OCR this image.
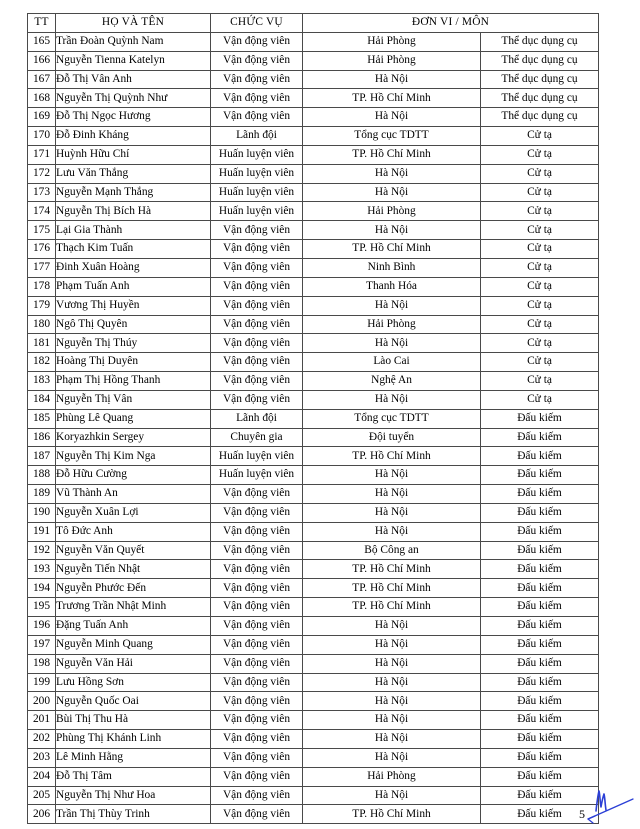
TT	HỌ VÀ TÊN	CHỨC VỤ	ĐƠN VI / MÔN	
165	Trần Đoàn Quỳnh Nam	Vận động viên	Hải Phòng	Thể dục dụng cụ
166	Nguyễn Tienna Katelyn	Vận động viên	Hải Phòng	Thể dục dụng cụ
167	Đỗ Thị Vân Anh	Vận động viên	Hà Nội	Thể dục dụng cụ
168	Nguyễn Thị Quỳnh Như	Vận động viên	TP. Hồ Chí Minh	Thể dục dụng cụ
169	Đỗ Thị Ngọc Hương	Vận động viên	Hà Nội	Thể dục dụng cụ
170	Đỗ Đinh Kháng	Lãnh đội	Tổng cục TDTT	Cử tạ
171	Huỳnh Hữu Chí	Huấn luyện viên	TP. Hồ Chí Minh	Cử tạ
172	Lưu Văn Thắng	Huấn luyện viên	Hà Nội	Cử tạ
173	Nguyễn Mạnh Thắng	Huấn luyện viên	Hà Nội	Cử tạ
174	Nguyễn Thị Bích Hà	Huấn luyện viên	Hải Phòng	Cử tạ
175	Lại Gia Thành	Vận động viên	Hà Nội	Cử tạ
176	Thạch Kim Tuấn	Vận động viên	TP. Hồ Chí Minh	Cử tạ
177	Đinh Xuân Hoàng	Vận động viên	Ninh Bình	Cử tạ
178	Phạm Tuấn Anh	Vận động viên	Thanh Hóa	Cử tạ
179	Vương Thị Huyền	Vận động viên	Hà Nội	Cử tạ
180	Ngô Thị Quyên	Vận động viên	Hải Phòng	Cử tạ
181	Nguyễn Thị Thúy	Vận động viên	Hà Nội	Cử tạ
182	Hoàng Thị Duyên	Vận động viên	Lào Cai	Cử tạ
183	Phạm Thị Hồng Thanh	Vận động viên	Nghệ An	Cử tạ
184	Nguyễn Thị Vân	Vận động viên	Hà Nội	Cử tạ
185	Phùng Lê Quang	Lãnh đội	Tổng cục TDTT	Đấu kiếm
186	Koryazhkin Sergey	Chuyên gia	Đội tuyển	Đấu kiếm
187	Nguyễn Thị Kim Nga	Huấn luyện viên	TP. Hồ Chí Minh	Đấu kiếm
188	Đỗ Hữu Cường	Huấn luyện viên	Hà Nội	Đấu kiếm
189	Vũ Thành An	Vận động viên	Hà Nội	Đấu kiếm
190	Nguyễn Xuân Lợi	Vận động viên	Hà Nội	Đấu kiếm
191	Tô Đức Anh	Vận động viên	Hà Nội	Đấu kiếm
192	Nguyễn Văn Quyết	Vận động viên	Bộ Công an	Đấu kiếm
193	Nguyễn Tiến Nhật	Vận động viên	TP. Hồ Chí Minh	Đấu kiếm
194	Nguyễn Phước Đến	Vận động viên	TP. Hồ Chí Minh	Đấu kiếm
195	Trương Trần Nhật Minh	Vận động viên	TP. Hồ Chí Minh	Đấu kiếm
196	Đặng Tuấn Anh	Vận động viên	Hà Nội	Đấu kiếm
197	Nguyễn Minh Quang	Vận động viên	Hà Nội	Đấu kiếm
198	Nguyễn Văn Hải	Vận động viên	Hà Nội	Đấu kiếm
199	Lưu Hồng Sơn	Vận động viên	Hà Nội	Đấu kiếm
200	Nguyễn Quốc Oai	Vận động viên	Hà Nội	Đấu kiếm
201	Bùi Thị Thu Hà	Vận động viên	Hà Nội	Đấu kiếm
202	Phùng Thị Khánh Linh	Vận động viên	Hà Nội	Đấu kiếm
203	Lê Minh Hằng	Vận động viên	Hà Nội	Đấu kiếm
204	Đỗ Thị Tâm	Vận động viên	Hải Phòng	Đấu kiếm
205	Nguyễn Thị Như Hoa	Vận động viên	Hà Nội	Đấu kiếm
206	Trần Thị Thùy Trinh	Vận động viên	TP. Hồ Chí Minh	Đấu kiếm 5
